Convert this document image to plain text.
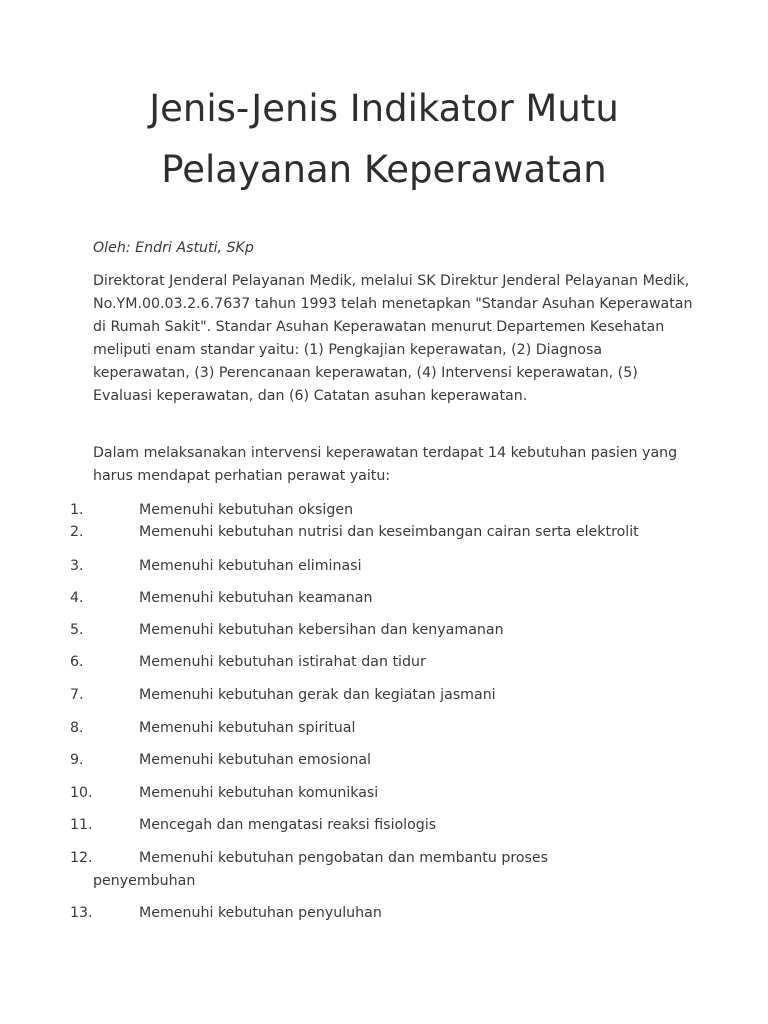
Jenis-Jenis Indikator Mutu
Pelayanan Keperawatan

Oleh: Endri Astuti, SKp

Direktorat Jenderal Pelayanan Medik, melalui SK Direktur Jenderal Pelayanan Medik, No.YM.00.03.2.6.7637 tahun 1993 telah menetapkan "Standar Asuhan Keperawatan di Rumah Sakit". Standar Asuhan Keperawatan menurut Departemen Kesehatan meliputi enam standar yaitu: (1) Pengkajian keperawatan, (2) Diagnosa keperawatan, (3) Perencanaan keperawatan, (4) Intervensi keperawatan, (5) Evaluasi keperawatan, dan (6) Catatan asuhan keperawatan.

Dalam melaksanakan intervensi keperawatan terdapat 14 kebutuhan pasien yang harus mendapat perhatian perawat yaitu:

1.	Memenuhi kebutuhan oksigen
2.	Memenuhi kebutuhan nutrisi dan keseimbangan cairan serta elektrolit
3.	Memenuhi kebutuhan eliminasi
4.	Memenuhi kebutuhan keamanan
5.	Memenuhi kebutuhan kebersihan dan kenyamanan
6.	Memenuhi kebutuhan istirahat dan tidur
7.	Memenuhi kebutuhan gerak dan kegiatan jasmani
8.	Memenuhi kebutuhan spiritual
9.	Memenuhi kebutuhan emosional
10.	Memenuhi kebutuhan komunikasi
11.	Mencegah dan mengatasi reaksi fisiologis
12.	Memenuhi kebutuhan pengobatan dan membantu proses
penyembuhan
13.	Memenuhi kebutuhan penyuluhan
